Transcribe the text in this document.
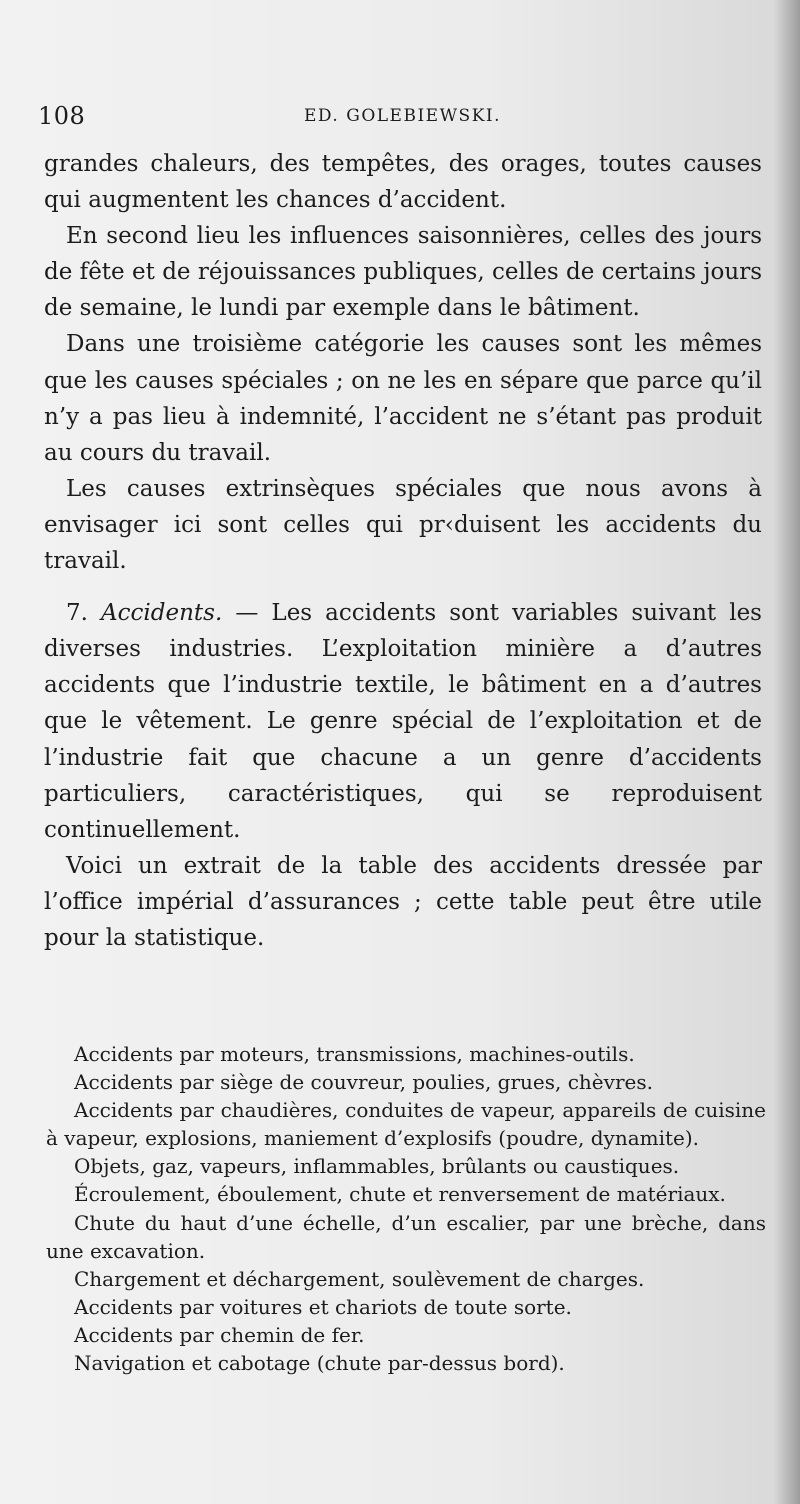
108	ED. GOLEBIEWSKI.

grandes chaleurs, des tempêtes, des orages, toutes causes qui augmentent les chances d’accident.

En second lieu les influences saisonnières, celles des jours de fête et de réjouissances publiques, celles de certains jours de semaine, le lundi par exemple dans le bâtiment.

Dans une troisième catégorie les causes sont les mêmes que les causes spéciales ; on ne les en sépare que parce qu’il n’y a pas lieu à indemnité, l’accident ne s’étant pas produit au cours du travail.

Les causes extrinsèques spéciales que nous avons à envisager ici sont celles qui pr‹duisent les accidents du travail.

7. Accidents. — Les accidents sont variables suivant les diverses industries. L’exploitation minière a d’autres accidents que l’industrie textile, le bâtiment en a d’autres que le vêtement. Le genre spécial de l’exploitation et de l’industrie fait que chacune a un genre d’accidents particuliers, caractéristiques, qui se reproduisent continuellement.

Voici un extrait de la table des accidents dressée par l’office impérial d’assurances ; cette table peut être utile pour la statistique.

Accidents par moteurs, transmissions, machines-outils.

Accidents par siège de couvreur, poulies, grues, chèvres.

Accidents par chaudières, conduites de vapeur, appareils de cuisine à vapeur, explosions, maniement d’explosifs (poudre, dynamite).

Objets, gaz, vapeurs, inflammables, brûlants ou caustiques.

Écroulement, éboulement, chute et renversement de matériaux.

Chute du haut d’une échelle, d’un escalier, par une brèche, dans une excavation.

Chargement et déchargement, soulèvement de charges.

Accidents par voitures et chariots de toute sorte.

Accidents par chemin de fer.

Navigation et cabotage (chute par-dessus bord).
